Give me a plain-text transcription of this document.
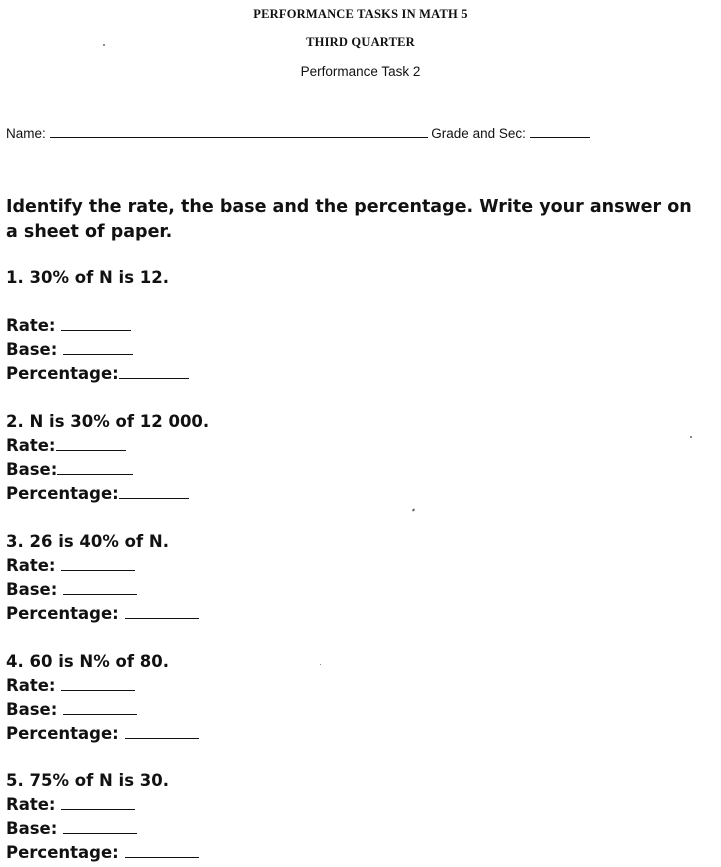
PERFORMANCE TASKS IN MATH 5
THIRD QUARTER
Performance Task 2
Name:	Grade and Sec:

Identify the rate, the base and the percentage. Write your answer on a sheet of paper.

1. 30% of N is 12.
Rate:
Base:
Percentage:
2. N is 30% of 12 000.
Rate:
Base:
Percentage:
3. 26 is 40% of N.
Rate:
Base:
Percentage:
4. 60 is N% of 80.
Rate:
Base:
Percentage:
5. 75% of N is 30.
Rate:
Base:
Percentage:
